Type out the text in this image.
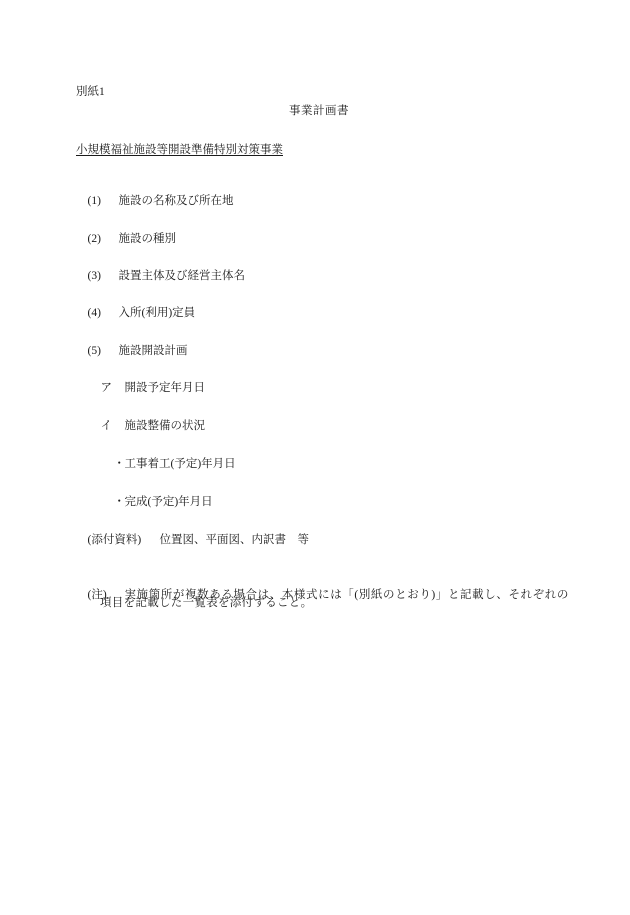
別紙1
事業計画書
小規模福祉施設等開設準備特別対策事業

(1) 施設の名称及び所在地

(2) 施設の種別

(3) 設置主体及び経営主体名

(4) 入所(利用)定員

(5) 施設開設計画

ア 開設予定年月日

イ 施設整備の状況

・工事着工(予定)年月日

・完成(予定)年月日

(添付資料) 位置図、平面図、内訳書　等

(注) 実施箇所が複数ある場合は、本様式には「(別紙のとおり)」と記載し、それぞれの

項目を記載した一覧表を添付すること。
